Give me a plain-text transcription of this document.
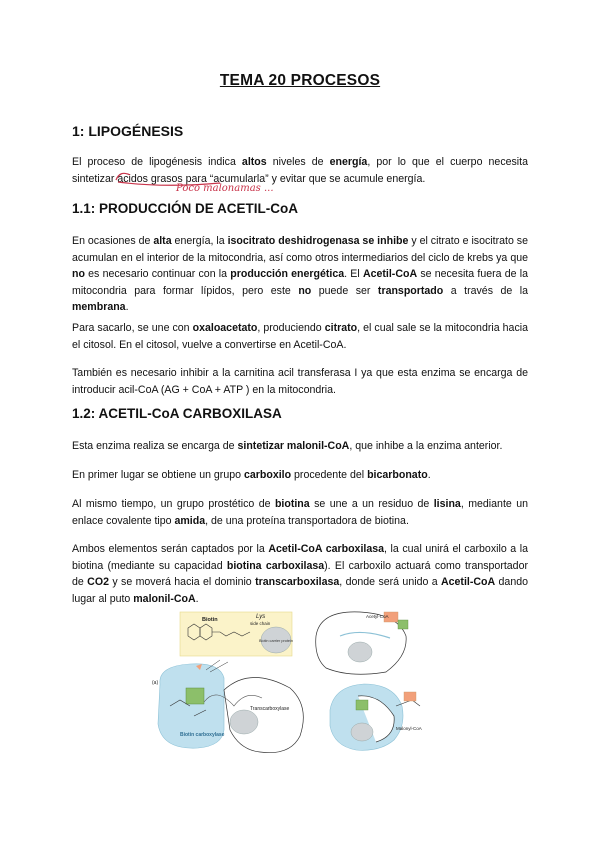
TEMA 20 PROCESOS
1: LIPOGÉNESIS
El proceso de lipogénesis indica altos niveles de energía, por lo que el cuerpo necesita sintetizar ácidos grasos para “acumularla” y evitar que se acumule energía.
Poco malonamas ...
1.1: PRODUCCIÓN DE ACETIL-CoA
En ocasiones de alta energía, la isocitrato deshidrogenasa se inhibe y el citrato e isocitrato se acumulan en el interior de la mitocondria, así como otros intermediarios del ciclo de krebs ya que no es necesario continuar con la producción energética. El Acetil-CoA se necesita fuera de la mitocondria para formar lípidos, pero este no puede ser transportado a través de la membrana.
Para sacarlo, se une con oxaloacetato, produciendo citrato, el cual sale se la mitocondria hacia el citosol. En el citosol, vuelve a convertirse en Acetil-CoA.
También es necesario inhibir a la carnitina acil transferasa I ya que esta enzima se encarga de introducir acil-CoA (AG + CoA + ATP ) en la mitocondria.
1.2: ACETIL-CoA CARBOXILASA
Esta enzima realiza se encarga de sintetizar malonil-CoA, que inhibe a la enzima anterior.
En primer lugar se obtiene un grupo carboxilo procedente del bicarbonato.
Al mismo tiempo, un grupo prostético de biotina se une a un residuo de lisina, mediante un enlace covalente tipo amida, de una proteína transportadora de biotina.
Ambos elementos serán captados por la Acetil-CoA carboxilasa, la cual unirá el carboxilo a la biotina (mediante su capacidad biotina carboxilasa). El carboxilo actuará como transportador de CO2 y se moverá hacia el dominio transcarboxilasa, donde será unido a Acetil-CoA dando lugar al puto malonil-CoA.
Biotin	Lys
side chain
Biotin carrier protein
Transcarboxylase
Biotin carboxylase
(a)
Acetyl-CoA
Malonyl-CoA
